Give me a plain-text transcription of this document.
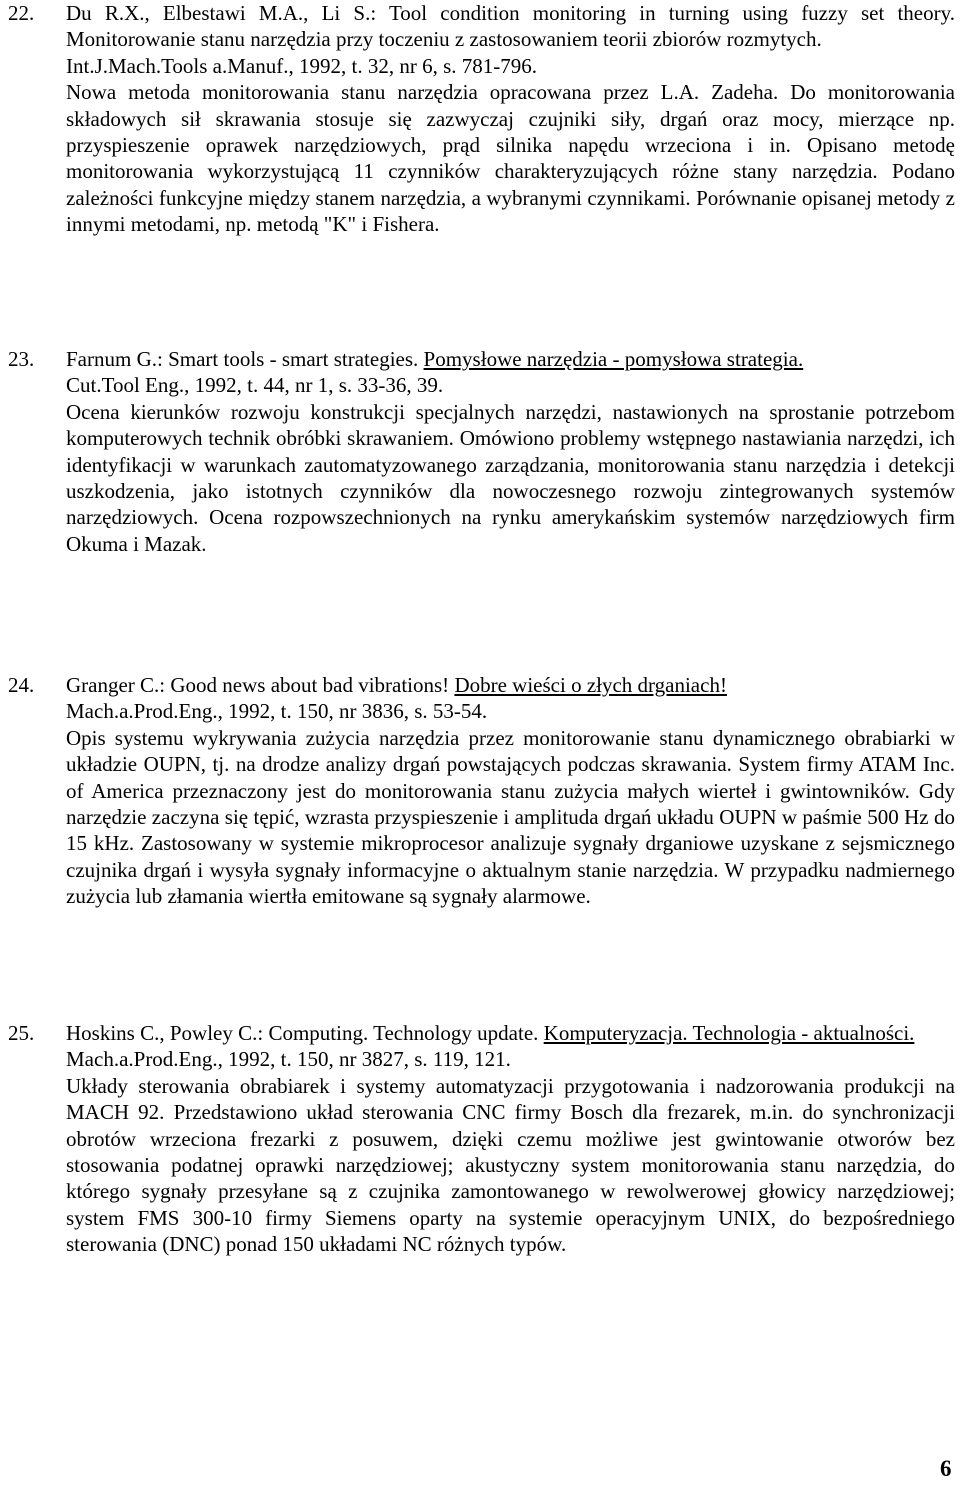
22. Du R.X., Elbestawi M.A., Li S.: Tool condition monitoring in turning using fuzzy set theory. Monitorowanie stanu narzędzia przy toczeniu z zastosowaniem teorii zbiorów rozmytych.
Int.J.Mach.Tools a.Manuf., 1992, t. 32, nr 6, s. 781-796.
Nowa metoda monitorowania stanu narzędzia opracowana przez L.A. Zadeha. Do monitorowania składowych sił skrawania stosuje się zazwyczaj czujniki siły, drgań oraz mocy, mierzące np. przyspieszenie oprawek narzędziowych, prąd silnika napędu wrzeciona i in. Opisano metodę monitorowania wykorzystującą 11 czynników charakteryzujących różne stany narzędzia. Podano zależności funkcyjne między stanem narzędzia, a wybranymi czynnikami. Porównanie opisanej metody z innymi metodami, np. metodą "K" i Fishera.
23. Farnum G.: Smart tools - smart strategies. Pomysłowe narzędzia - pomysłowa strategia.
Cut.Tool Eng., 1992, t. 44, nr 1, s. 33-36, 39.
Ocena kierunków rozwoju konstrukcji specjalnych narzędzi, nastawionych na sprostanie potrzebom komputerowych technik obróbki skrawaniem. Omówiono problemy wstępnego nastawiania narzędzi, ich identyfikacji w warunkach zautomatyzowanego zarządzania, monitorowania stanu narzędzia i detekcji uszkodzenia, jako istotnych czynników dla nowoczesnego rozwoju zintegrowanych systemów narzędziowych. Ocena rozpowszechnionych na rynku amerykańskim systemów narzędziowych firm Okuma i Mazak.
24. Granger C.: Good news about bad vibrations! Dobre wieści o złych drganiach!
Mach.a.Prod.Eng., 1992, t. 150, nr 3836, s. 53-54.
Opis systemu wykrywania zużycia narzędzia przez monitorowanie stanu dynamicznego obrabiarki w układzie OUPN, tj. na drodze analizy drgań powstających podczas skrawania. System firmy ATAM Inc. of America przeznaczony jest do monitorowania stanu zużycia małych wierteł i gwintowników. Gdy narzędzie zaczyna się tępić, wzrasta przyspieszenie i amplituda drgań układu OUPN w paśmie 500 Hz do 15 kHz. Zastosowany w systemie mikroprocesor analizuje sygnały drganiowe uzyskane z sejsmicznego czujnika drgań i wysyła sygnały informacyjne o aktualnym stanie narzędzia. W przypadku nadmiernego zużycia lub złamania wiertła emitowane są sygnały alarmowe.
25. Hoskins C., Powley C.: Computing. Technology update. Komputeryzacja. Technologia - aktualności.
Mach.a.Prod.Eng., 1992, t. 150, nr 3827, s. 119, 121.
Układy sterowania obrabiarek i systemy automatyzacji przygotowania i nadzorowania produkcji na MACH 92. Przedstawiono układ sterowania CNC firmy Bosch dla frezarek, m.in. do synchronizacji obrotów wrzeciona frezarki z posuwem, dzięki czemu możliwe jest gwintowanie otworów bez stosowania podatnej oprawki narzędziowej; akustyczny system monitorowania stanu narzędzia, do którego sygnały przesyłane są z czujnika zamontowanego w rewolwerowej głowicy narzędziowej; system FMS 300-10 firmy Siemens oparty na systemie operacyjnym UNIX, do bezpośredniego sterowania (DNC) ponad 150 układami NC różnych typów.
6
